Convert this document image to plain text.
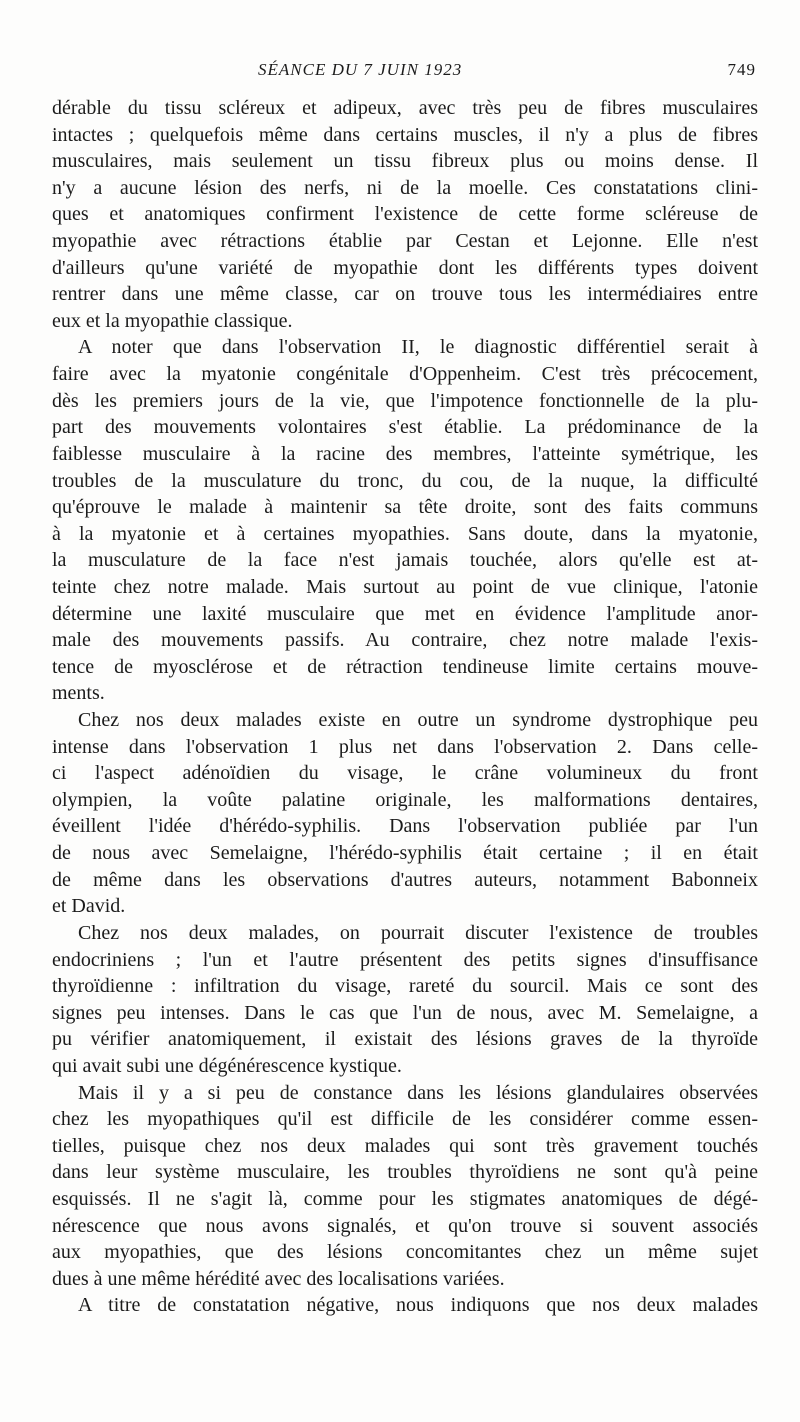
SÉANCE DU 7 JUIN 1923	749
dérable du tissu scléreux et adipeux, avec très peu de fibres musculaires
intactes ; quelquefois même dans certains muscles, il n'y a plus de fibres
musculaires, mais seulement un tissu fibreux plus ou moins dense. Il
n'y a aucune lésion des nerfs, ni de la moelle. Ces constatations clini-
ques et anatomiques confirment l'existence de cette forme scléreuse de
myopathie avec rétractions établie par Cestan et Lejonne. Elle n'est
d'ailleurs qu'une variété de myopathie dont les différents types doivent
rentrer dans une même classe, car on trouve tous les intermédiaires entre
eux et la myopathie classique.
A noter que dans l'observation II, le diagnostic différentiel serait à
faire avec la myatonie congénitale d'Oppenheim. C'est très précocement,
dès les premiers jours de la vie, que l'impotence fonctionnelle de la plu-
part des mouvements volontaires s'est établie. La prédominance de la
faiblesse musculaire à la racine des membres, l'atteinte symétrique, les
troubles de la musculature du tronc, du cou, de la nuque, la difficulté
qu'éprouve le malade à maintenir sa tête droite, sont des faits communs
à la myatonie et à certaines myopathies. Sans doute, dans la myatonie,
la musculature de la face n'est jamais touchée, alors qu'elle est at-
teinte chez notre malade. Mais surtout au point de vue clinique, l'atonie
détermine une laxité musculaire que met en évidence l'amplitude anor-
male des mouvements passifs. Au contraire, chez notre malade l'exis-
tence de myosclérose et de rétraction tendineuse limite certains mouve-
ments.
Chez nos deux malades existe en outre un syndrome dystrophique peu
intense dans l'observation 1 plus net dans l'observation 2. Dans celle-
ci l'aspect adénoïdien du visage, le crâne volumineux du front
olympien, la voûte palatine originale, les malformations dentaires,
éveillent l'idée d'hérédo-syphilis. Dans l'observation publiée par l'un
de nous avec Semelaigne, l'hérédo-syphilis était certaine ; il en était
de même dans les observations d'autres auteurs, notamment Babonneix
et David.
Chez nos deux malades, on pourrait discuter l'existence de troubles
endocriniens ; l'un et l'autre présentent des petits signes d'insuffisance
thyroïdienne : infiltration du visage, rareté du sourcil. Mais ce sont des
signes peu intenses. Dans le cas que l'un de nous, avec M. Semelaigne, a
pu vérifier anatomiquement, il existait des lésions graves de la thyroïde
qui avait subi une dégénérescence kystique.
Mais il y a si peu de constance dans les lésions glandulaires observées
chez les myopathiques qu'il est difficile de les considérer comme essen-
tielles, puisque chez nos deux malades qui sont très gravement touchés
dans leur système musculaire, les troubles thyroïdiens ne sont qu'à peine
esquissés. Il ne s'agit là, comme pour les stigmates anatomiques de dégé-
nérescence que nous avons signalés, et qu'on trouve si souvent associés
aux myopathies, que des lésions concomitantes chez un même sujet
dues à une même hérédité avec des localisations variées.
A titre de constatation négative, nous indiquons que nos deux malades
